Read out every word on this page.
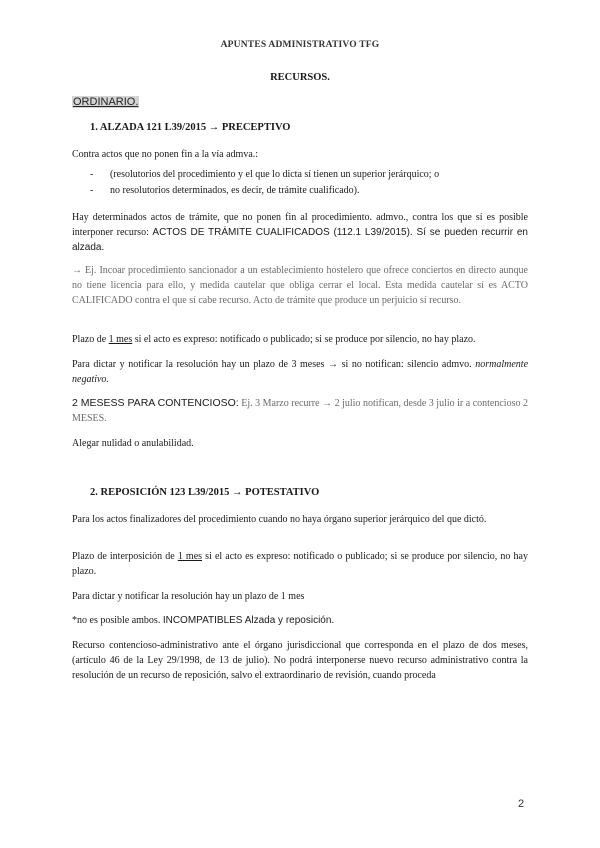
APUNTES ADMINISTRATIVO TFG
RECURSOS.
ORDINARIO.
1. ALZADA 121 L39/2015 → PRECEPTIVO
Contra actos que no ponen fin a la vía admva.:
- (resolutorios del procedimiento y el que lo dicta sí tienen un superior jerárquico; o
- no resolutorios determinados, es decir, de trámite cualificado).
Hay determinados actos de trámite, que no ponen fin al procedimiento. admvo., contra los que sí es posible interponer recurso: ACTOS DE TRÁMITE CUALIFICADOS (112.1 L39/2015). Sí se pueden recurrir en alzada.
→ Ej. Incoar procedimiento sancionador a un establecimiento hostelero que ofrece conciertos en directo aunque no tiene licencia para ello, y medida cautelar que obliga cerrar el local. Esta medida cautelar sí es ACTO CALIFICADO contra el que sí cabe recurso. Acto de trámite que produce un perjuicio sí recurso.
Plazo de 1 mes si el acto es expreso: notificado o publicado; si se produce por silencio, no hay plazo.
Para dictar y notificar la resolución hay un plazo de 3 meses → si no notifican: silencio admvo. normalmente negativo.
2 MESESS PARA CONTENCIOSO: Ej. 3 Marzo recurre → 2 julio notifican, desde 3 julio ir a contencioso 2 MESES.
Alegar nulidad o anulabilidad.
2. REPOSICIÓN 123 L39/2015 → POTESTATIVO
Para los actos finalizadores del procedimiento cuando no haya órgano superior jerárquico del que dictó.
Plazo de interposición de 1 mes si el acto es expreso: notificado o publicado; si se produce por silencio, no hay plazo.
Para dictar y notificar la resolución hay un plazo de 1 mes
*no es posible ambos. INCOMPATIBLES Alzada y reposición.
Recurso contencioso-administrativo ante el órgano jurisdiccional que corresponda en el plazo de dos meses, (artículo 46 de la Ley 29/1998, de 13 de julio). No podrá interponerse nuevo recurso administrativo contra la resolución de un recurso de reposición, salvo el extraordinario de revisión, cuando proceda
2
